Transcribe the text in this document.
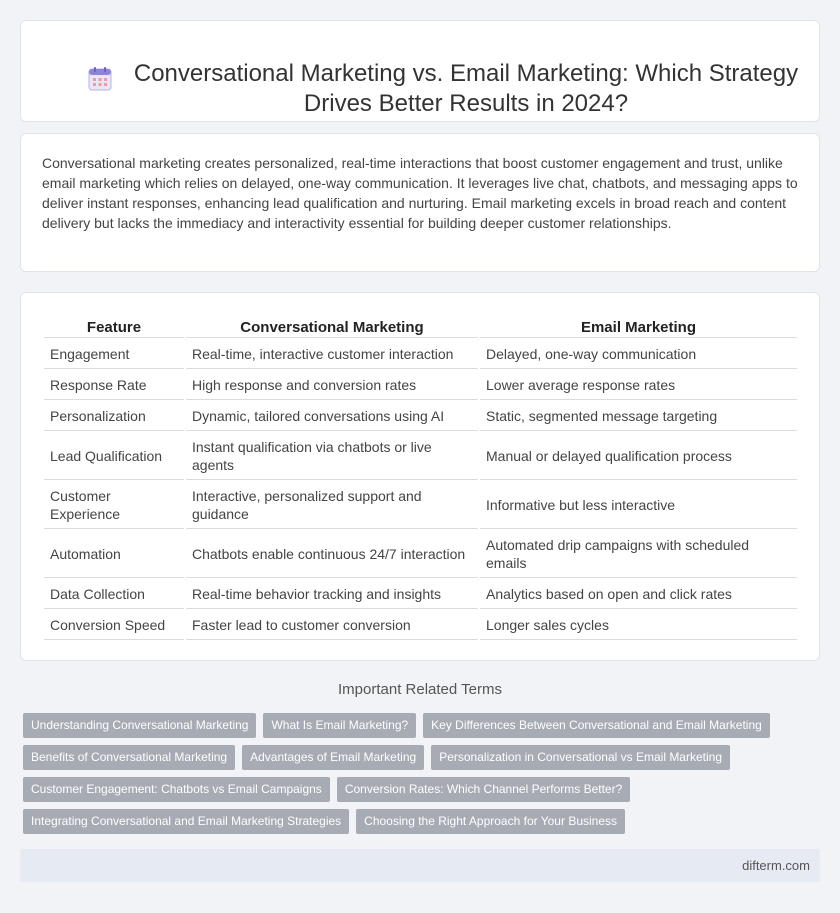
Conversational Marketing vs. Email Marketing: Which Strategy Drives Better Results in 2024?

Conversational marketing creates personalized, real-time interactions that boost customer engagement and trust, unlike email marketing which relies on delayed, one-way communication. It leverages live chat, chatbots, and messaging apps to deliver instant responses, enhancing lead qualification and nurturing. Email marketing excels in broad reach and content delivery but lacks the immediacy and interactivity essential for building deeper customer relationships.

Feature	Conversational Marketing	Email Marketing
Engagement	Real-time, interactive customer interaction	Delayed, one-way communication
Response Rate	High response and conversion rates	Lower average response rates
Personalization	Dynamic, tailored conversations using AI	Static, segmented message targeting
Lead Qualification	Instant qualification via chatbots or live agents	Manual or delayed qualification process
Customer Experience	Interactive, personalized support and guidance	Informative but less interactive
Automation	Chatbots enable continuous 24/7 interaction	Automated drip campaigns with scheduled emails
Data Collection	Real-time behavior tracking and insights	Analytics based on open and click rates
Conversion Speed	Faster lead to customer conversion	Longer sales cycles
Important Related Terms
Understanding Conversational Marketing	What Is Email Marketing?	Key Differences Between Conversational and Email Marketing
Benefits of Conversational Marketing	Advantages of Email Marketing	Personalization in Conversational vs Email Marketing
Customer Engagement: Chatbots vs Email Campaigns	Conversion Rates: Which Channel Performs Better?
Integrating Conversational and Email Marketing Strategies	Choosing the Right Approach for Your Business
difterm.com
